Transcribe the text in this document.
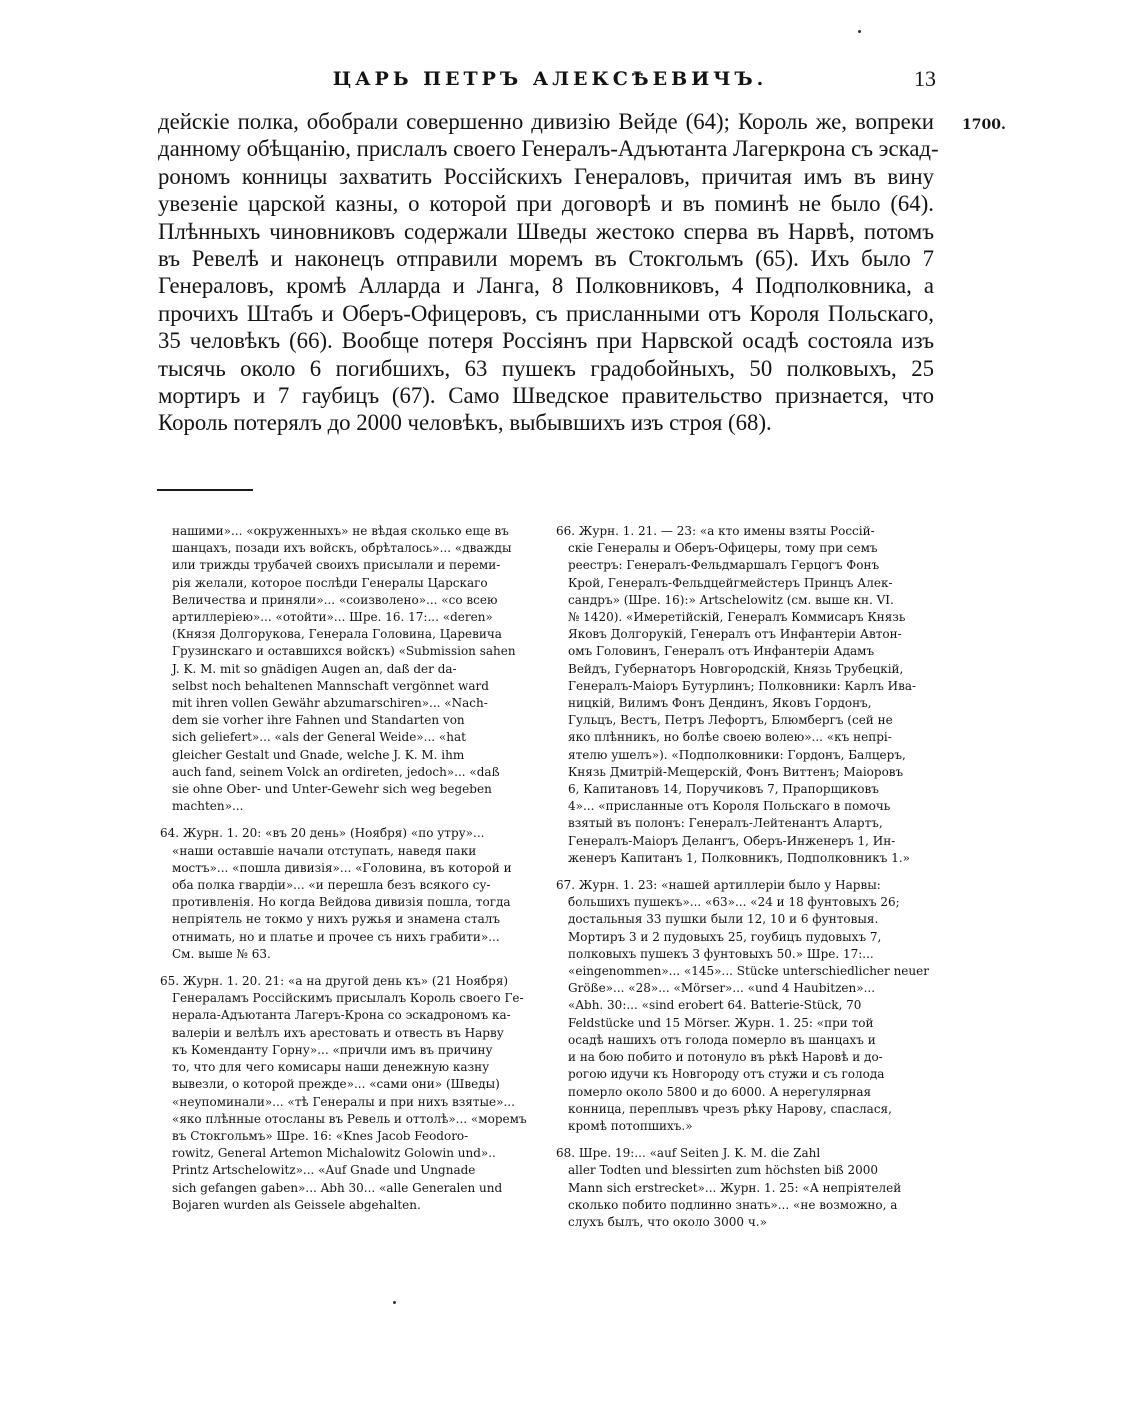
ЦАРЬ ПЕТРЪ АЛЕКСѢЕВИЧЪ.	13
1700.
дейскіе полка, обобрали совершенно дивизію Вейде (64); Король же, вопреки
данному обѣщанію, прислалъ своего Генералъ-Адъютанта Лагеркрона съ эскад-
рономъ конницы захватить Россійскихъ Генераловъ, причитая имъ въ вину
увезеніе царской казны, о которой при договорѣ и въ поминѣ не было (64).
Плѣнныхъ чиновниковъ содержали Шведы жестоко сперва въ Нарвѣ, потомъ
въ Ревелѣ и наконецъ отправили моремъ въ Стокгольмъ (65). Ихъ было 7
Генераловъ, кромѣ Алларда и Ланга, 8 Полковниковъ, 4 Подполковника, а
прочихъ Штабъ и Оберъ-Офицеровъ, съ присланными отъ Короля Польскаго,
35 человѣкъ (66). Вообще потеря Россіянъ при Нарвской осадѣ состояла изъ
тысячь около 6 погибшихъ, 63 пушекъ градобойныхъ, 50 полковыхъ, 25
мортиръ и 7 гаубицъ (67). Само Шведское правительство признается, что
Король потерялъ до 2000 человѣкъ, выбывшихъ изъ строя (68).
нашими»... «окруженныхъ» не вѣдая сколько еще въ
шанцахъ, позади ихъ войскъ, обрѣталось»... «дважды
или трижды трубачей своихъ присылали и переми-
рія желали, которое послѣди Генералы Царскаго
Величества и приняли»... «соизволено»... «со всею
артиллеріею»... «отойти»... Шре. 16. 17:... «deren»
(Князя Долгорукова, Генерала Головина, Царевича
Грузинскаго и оставшихся войскъ) «Submission sahen
J. K. M. mit so gnädigen Augen an, daß der da-
selbst noch behaltenen Mannschaft vergönnet ward
mit ihren vollen Gewähr abzumarschiren»... «Nach-
dem sie vorher ihre Fahnen und Standarten von
sich geliefert»... «als der General Weide»... «hat
gleicher Gestalt und Gnade, welche J. K. M. ihm
auch fand, seinem Volck an ordireten, jedoch»... «daß
sie ohne Ober- und Unter-Gewehr sich weg begeben
machten»...
64. Журн. 1. 20: «въ 20 день» (Ноября) «по утру»...
«наши оставшіе начали отступать, наведя паки
мостъ»... «пошла дивизія»... «Головина, въ которой и
оба полка гвардіи»... «и перешла безъ всякого су-
противленія. Но когда Вейдова дивизія пошла, тогда
непріятель не токмо у нихъ ружья и знамена сталъ
отнимать, но и платье и прочее съ нихъ грабити»...
См. выше № 63.
65. Журн. 1. 20. 21: «а на другой день къ» (21 Ноября)
Генераламъ Россійскимъ присылалъ Король своего Ге-
нерала-Адъютанта Лагеръ-Крона со эскадрономъ ка-
валеріи и велѣлъ ихъ арестовать и отвесть въ Нарву
къ Коменданту Горну»... «причли имъ въ причину
то, что для чего комисары наши денежную казну
вывезли, о которой прежде»... «сами они» (Шведы)
«неупоминали»... «тѣ Генералы и при нихъ взятые»...
«яко плѣнные отосланы въ Ревель и оттолѣ»... «моремъ
въ Стокгольмъ» Шре. 16: «Knes Jacob Feodoro-
rowitz, General Artemon Michalowitz Golowin und»..
Printz Artschelowitz»... «Auf Gnade und Ungnade
sich gefangen gaben»... Abh 30... «alle Generalen und
Bojaren wurden als Geissele abgehalten.
66. Журн. 1. 21. — 23: «а кто имены взяты Россій-
скіе Генералы и Оберъ-Офицеры, тому при семъ
реестръ: Генералъ-Фельдмаршалъ Герцогъ Фонъ
Крой, Генералъ-Фельдцейгмейстеръ Принцъ Алек-
сандръ» (Шре. 16):» Artschelowitz (см. выше кн. VI.
№ 1420). «Имеретійскій, Генералъ Коммисаръ Князь
Яковъ Долгорукій, Генералъ отъ Инфантеріи Автон-
омъ Головинъ, Генералъ отъ Инфантеріи Адамъ
Вейдъ, Губернаторъ Новгородскій, Князь Трубецкій,
Генералъ-Маіоръ Бутурлинъ; Полковники: Карлъ Ива-
ницкій, Вилимъ Фонъ Дендинъ, Яковъ Гордонъ,
Гульцъ, Вестъ, Петръ Лефортъ, Блюмбергъ (сей не
яко плѣнникъ, но болѣе своею волею»... «къ непрі-
ятелю ушелъ»). «Подполковники: Гордонъ, Балцеръ,
Князь Дмитрій-Мещерскій, Фонъ Виттенъ; Маіоровъ
6, Капитановъ 14, Поручиковъ 7, Прапорщиковъ
4»... «присланные отъ Короля Польскаго в помочь
взятый въ полонъ: Генералъ-Лейтенантъ Алартъ,
Генералъ-Маіоръ Делангъ, Оберъ-Инженеръ 1, Ин-
женеръ Капитанъ 1, Полковникъ, Подполковникъ 1.»
67. Журн. 1. 23: «нашей артиллеріи было у Нарвы:
большихъ пушекъ»... «63»... «24 и 18 фунтовыхъ 26;
достальныя 33 пушки были 12, 10 и 6 фунтовыя.
Мортиръ 3 и 2 пудовыхъ 25, гоубицъ пудовыхъ 7,
полковыхъ пушекъ 3 фунтовыхъ 50.» Шре. 17:...
«eingenommen»... «145»... Stücke unterschiedlicher neuer
Größe»... «28»... «Mörser»... «und 4 Haubitzen»...
«Abh. 30:... «sind erobert 64. Batterie-Stück, 70
Feldstücke und 15 Mörser. Журн. 1. 25: «при той
осадѣ нашихъ отъ голода померло въ шанцахъ и
и на бою побито и потонуло въ рѣкѣ Наровѣ и до-
рогою идучи къ Новгороду отъ стужи и съ голода
померло около 5800 и до 6000. А нерегулярная
конница, переплывъ чрезъ рѣку Нарову, спаслася,
кромѣ потопшихъ.»
68. Шре. 19:... «auf Seiten J. K. M. die Zahl
aller Todten und blessirten zum höchsten biß 2000
Mann sich erstrecket»... Журн. 1. 25: «А непріятелей
сколько побито подлинно знать»... «не возможно, а
слухъ былъ, что около 3000 ч.»
